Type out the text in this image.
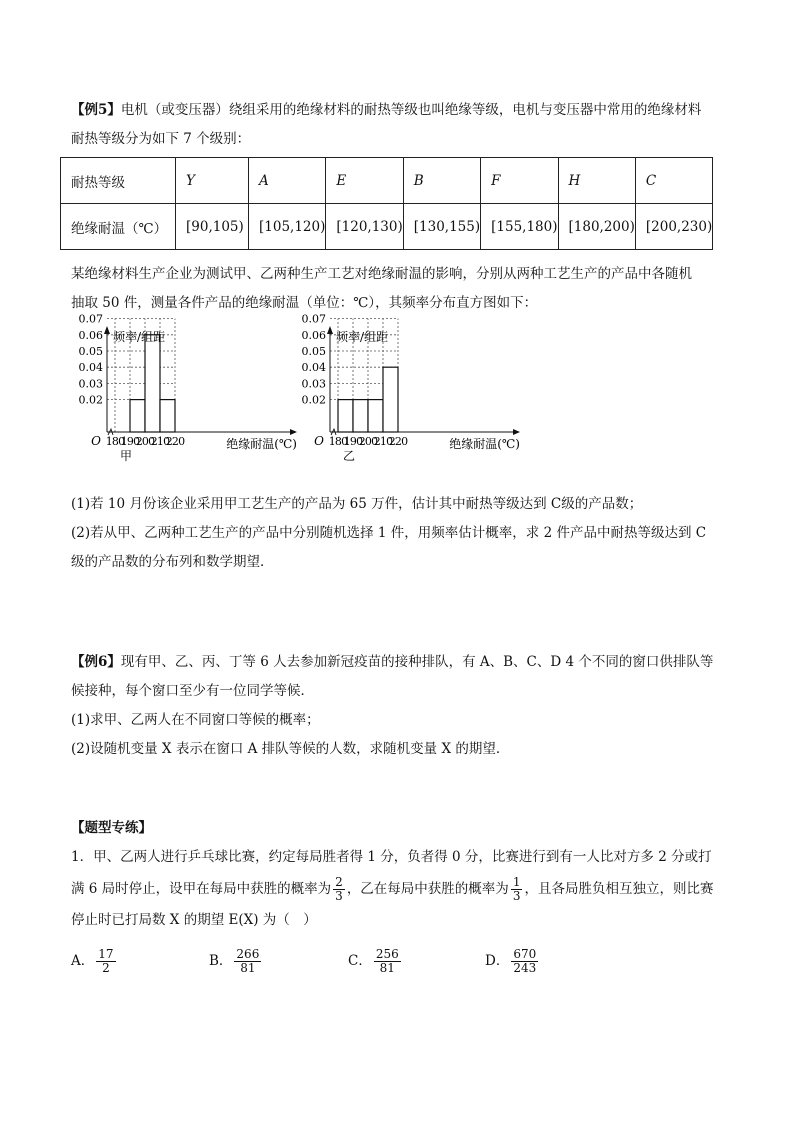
【例5】电机（或变压器）绕组采用的绝缘材料的耐热等级也叫绝缘等级，电机与变压器中常用的绝缘材料

耐热等级分为如下 7 个级别：

耐热等级	Y	A	E	B	F	H	C
绝缘耐温（℃）	[90,105)	[105,120)	[120,130)	[130,155)	[155,180)	[180,200)	[200,230)

某绝缘材料生产企业为测试甲、乙两种生产工艺对绝缘耐温的影响，分别从两种工艺生产的产品中各随机

抽取 50 件，测量各件产品的绝缘耐温（单位：℃），其频率分布直方图如下：

0.02
0.03
0.04
0.05
0.06
0.07
180
190
200
210
220
O
频率/组距
绝缘耐温(℃)
甲
0.02
0.03
0.04
0.05
0.06
0.07
180
190
200
210
220
O
频率/组距
绝缘耐温(℃)
乙

(1)若 10 月份该企业采用甲工艺生产的产品为 65 万件，估计其中耐热等级达到 C级的产品数；

(2)若从甲、乙两种工艺生产的产品中分别随机选择 1 件，用频率估计概率，求 2 件产品中耐热等级达到 C

级的产品数的分布列和数学期望．

【例6】现有甲、乙、丙、丁等 6 人去参加新冠疫苗的接种排队，有 A、B、C、D 4 个不同的窗口供排队等

候接种，每个窗口至少有一位同学等候．

(1)求甲、乙两人在不同窗口等候的概率；

(2)设随机变量 X 表示在窗口 A 排队等候的人数，求随机变量 X 的期望．

【题型专练】

1．甲、乙两人进行乒乓球比赛，约定每局胜者得 1 分，负者得 0 分，比赛进行到有一人比对方多 2 分或打

满 6 局时停止，设甲在每局中获胜的概率为 $\frac{2}{3}$ ，乙在每局中获胜的概率为 $\frac{1}{3}$ ，且各局胜负相互独立，则比赛

停止时已打局数 X 的期望 E(X) 为（　）

A． $\frac{17}{2}$	B． $\frac{266}{81}$	C． $\frac{256}{81}$	D． $\frac{670}{243}$
